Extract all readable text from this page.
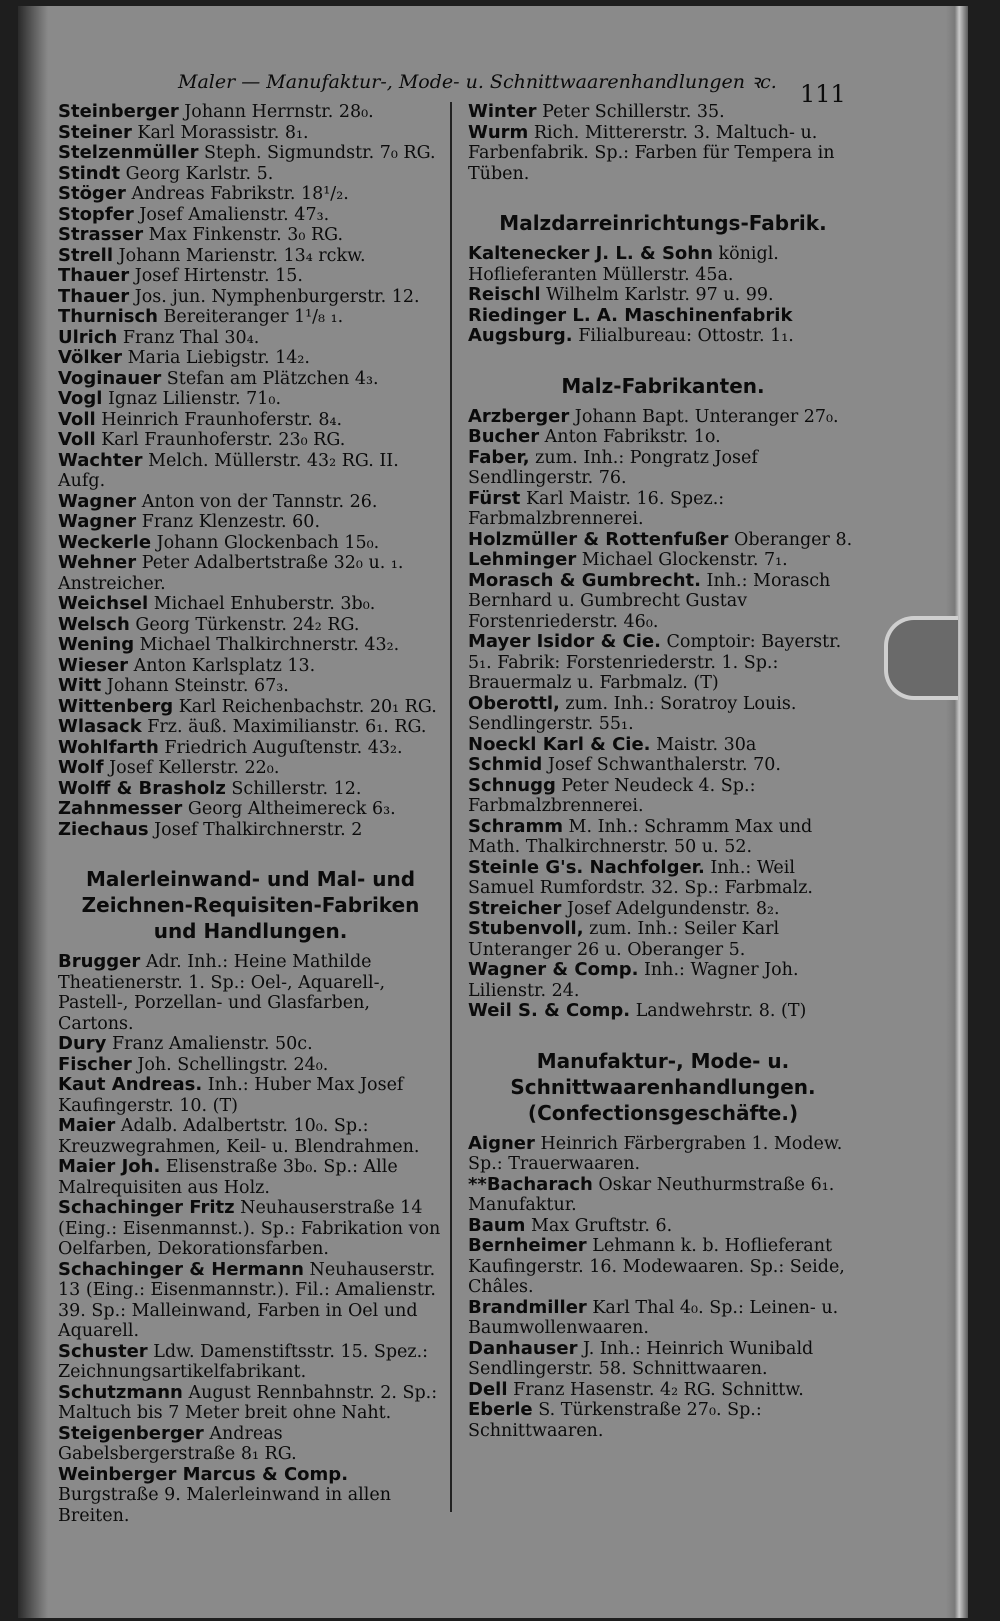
Maler — Manufaktur-, Mode- u. Schnittwaarenhandlungen ꝛc. 111
Steinberger Johann Herrnstr. 28₀.
Steiner Karl Morassistr. 8₁.
Stelzenmüller Steph. Sigmundstr. 7₀ RG.
Stindt Georg Karlstr. 5.
Stöger Andreas Fabrikstr. 18¹/₂.
Stopfer Josef Amalienstr. 47₃.
Strasser Max Finkenstr. 3₀ RG.
Strell Johann Marienstr. 13₄ rckw.
Thauer Josef Hirtenstr. 15.
Thauer Jos. jun. Nymphenburgerstr. 12.
Thurnisch Bereiteranger 1¹/₈ ₁.
Ulrich Franz Thal 30₄.
Völker Maria Liebigstr. 14₂.
Voginauer Stefan am Plätzchen 4₃.
Vogl Ignaz Lilienstr. 71₀.
Voll Heinrich Fraunhoferstr. 8₄.
Voll Karl Fraunhoferstr. 23₀ RG.
Wachter Melch. Müllerstr. 43₂ RG. II. Aufg.
Wagner Anton von der Tannstr. 26.
Wagner Franz Klenzestr. 60.
Weckerle Johann Glockenbach 15₀.
Wehner Peter Adalbertstraße 32₀ u. ₁. Anstreicher.
Weichsel Michael Enhuberstr. 3b₀.
Welsch Georg Türkenstr. 24₂ RG.
Wening Michael Thalkirchnerstr. 43₂.
Wieser Anton Karlsplatz 13.
Witt Johann Steinstr. 67₃.
Wittenberg Karl Reichenbachstr. 20₁ RG.
Wlasack Frz. äuß. Maximilianstr. 6₁. RG.
Wohlfarth Friedrich Auguſtenstr. 43₂.
Wolf Josef Kellerstr. 22₀.
Wolff & Brasholz Schillerstr. 12.
Zahnmesser Georg Altheimereck 6₃.
Ziechaus Josef Thalkirchnerstr. 2
Malerleinwand- und Mal- und Zeichnen-Requisiten-Fabriken und Handlungen.
Brugger Adr. Inh.: Heine Mathilde Theatienerstr. 1. Sp.: Oel-, Aquarell-, Pastell-, Porzellan- und Glasfarben, Cartons.
Dury Franz Amalienstr. 50c.
Fischer Joh. Schellingstr. 24₀.
Kaut Andreas. Inh.: Huber Max Josef Kaufingerstr. 10. (T)
Maier Adalb. Adalbertstr. 10₀. Sp.: Kreuzwegrahmen, Keil- u. Blendrahmen.
Maier Joh. Elisenstraße 3b₀. Sp.: Alle Malrequisiten aus Holz.
Schachinger Fritz Neuhauserstraße 14 (Eing.: Eisenmannst.). Sp.: Fabrikation von Oelfarben, Dekorationsfarben.
Schachinger & Hermann Neuhauserstr. 13 (Eing.: Eisenmannstr.). Fil.: Amalienstr. 39. Sp.: Malleinwand, Farben in Oel und Aquarell.
Schuster Ldw. Damenstiftsstr. 15. Spez.: Zeichnungsartikelfabrikant.
Schutzmann August Rennbahnstr. 2. Sp.: Maltuch bis 7 Meter breit ohne Naht.
Steigenberger Andreas Gabelsbergerstraße 8₁ RG.
Weinberger Marcus & Comp. Burgstraße 9. Malerleinwand in allen Breiten.
Winter Peter Schillerstr. 35.
Wurm Rich. Mittererstr. 3. Maltuch- u. Farbenfabrik. Sp.: Farben für Tempera in Tüben.
Malzdarreinrichtungs-Fabrik.
Kaltenecker J. L. & Sohn königl. Hoflieferanten Müllerstr. 45a.
Reischl Wilhelm Karlstr. 97 u. 99.
Riedinger L. A. Maschinenfabrik Augsburg. Filialbureau: Ottostr. 1₁.
Malz-Fabrikanten.
Arzberger Johann Bapt. Unteranger 27₀.
Bucher Anton Fabrikstr. 1o.
Faber, zum. Inh.: Pongratz Josef Sendlingerstr. 76.
Fürst Karl Maistr. 16. Spez.: Farbmalzbrennerei.
Holzmüller & Rottenfußer Oberanger 8.
Lehminger Michael Glockenstr. 7₁.
Morasch & Gumbrecht. Inh.: Morasch Bernhard u. Gumbrecht Gustav Forstenriederstr. 46₀.
Mayer Isidor & Cie. Comptoir: Bayerstr. 5₁. Fabrik: Forstenriederstr. 1. Sp.: Brauermalz u. Farbmalz. (T)
Oberottl, zum. Inh.: Soratroy Louis. Sendlingerstr. 55₁.
Noeckl Karl & Cie. Maistr. 30a
Schmid Josef Schwanthalerstr. 70.
Schnugg Peter Neudeck 4. Sp.: Farbmalzbrennerei.
Schramm M. Inh.: Schramm Max und Math. Thalkirchnerstr. 50 u. 52.
Steinle G's. Nachfolger. Inh.: Weil Samuel Rumfordstr. 32. Sp.: Farbmalz.
Streicher Josef Adelgundenstr. 8₂.
Stubenvoll, zum. Inh.: Seiler Karl Unteranger 26 u. Oberanger 5.
Wagner & Comp. Inh.: Wagner Joh. Lilienstr. 24.
Weil S. & Comp. Landwehrstr. 8. (T)
Manufaktur-, Mode- u. Schnittwaarenhandlungen. (Confectionsgeschäfte.)
Aigner Heinrich Färbergraben 1. Modew. Sp.: Trauerwaaren.
**Bacharach Oskar Neuthurmstraße 6₁. Manufaktur.
Baum Max Gruftstr. 6.
Bernheimer Lehmann k. b. Hoflieferant Kaufingerstr. 16. Modewaaren. Sp.: Seide, Châles.
Brandmiller Karl Thal 4₀. Sp.: Leinen- u. Baumwollenwaaren.
Danhauser J. Inh.: Heinrich Wunibald Sendlingerstr. 58. Schnittwaaren.
Dell Franz Hasenstr. 4₂ RG. Schnittw.
Eberle S. Türkenstraße 27₀. Sp.: Schnittwaaren.
